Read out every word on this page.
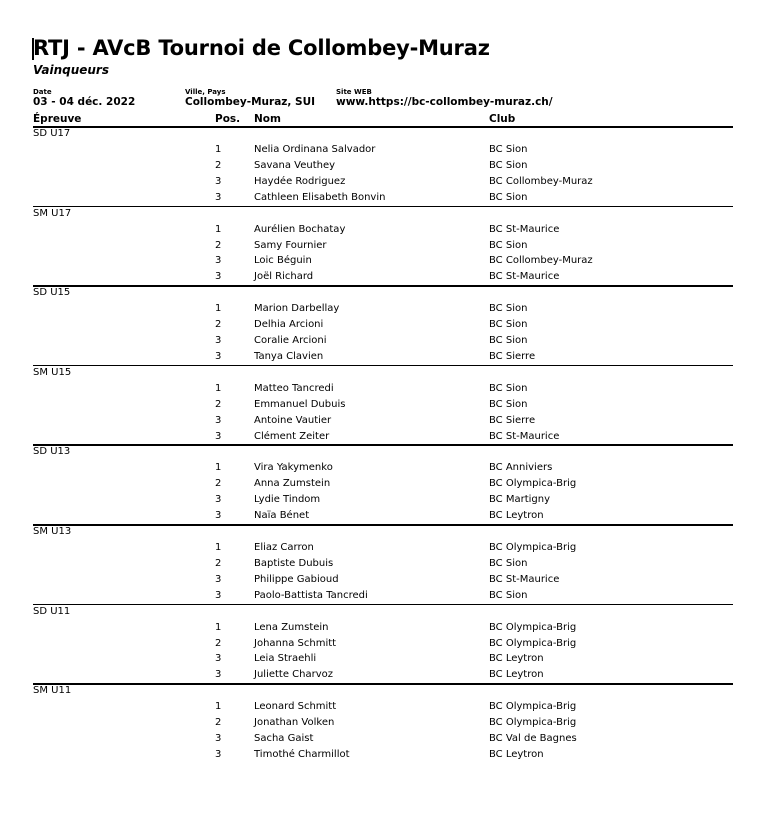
RTJ - AVcB Tournoi de Collombey-Muraz
Vainqueurs
Date
03 - 04 déc. 2022
Ville, Pays
Collombey-Muraz, SUI
Site WEB
www.https://bc-collombey-muraz.ch/
Épreuve	Pos. Nom	Club
SD U17
1	Nelia Ordinana Salvador	BC Sion
2	Savana Veuthey	BC Sion
3	Haydée Rodriguez	BC Collombey-Muraz
3	Cathleen Elisabeth Bonvin	BC Sion
SM U17
1	Aurélien Bochatay	BC St-Maurice
2	Samy Fournier	BC Sion
3	Loic Béguin	BC Collombey-Muraz
3	Joël Richard	BC St-Maurice
SD U15
1	Marion Darbellay	BC Sion
2	Delhia Arcioni	BC Sion
3	Coralie Arcioni	BC Sion
3	Tanya Clavien	BC Sierre
SM U15
1	Matteo Tancredi	BC Sion
2	Emmanuel Dubuis	BC Sion
3	Antoine Vautier	BC Sierre
3	Clément Zeiter	BC St-Maurice
SD U13
1	Vira Yakymenko	BC Anniviers
2	Anna Zumstein	BC Olympica-Brig
3	Lydie Tindom	BC Martigny
3	Naïa Bénet	BC Leytron
SM U13
1	Eliaz Carron	BC Olympica-Brig
2	Baptiste Dubuis	BC Sion
3	Philippe Gabioud	BC St-Maurice
3	Paolo-Battista Tancredi	BC Sion
SD U11
1	Lena Zumstein	BC Olympica-Brig
2	Johanna Schmitt	BC Olympica-Brig
3	Leia Straehli	BC Leytron
3	Juliette Charvoz	BC Leytron
SM U11
1	Leonard Schmitt	BC Olympica-Brig
2	Jonathan Volken	BC Olympica-Brig
3	Sacha Gaist	BC Val de Bagnes
3	Timothé Charmillot	BC Leytron
